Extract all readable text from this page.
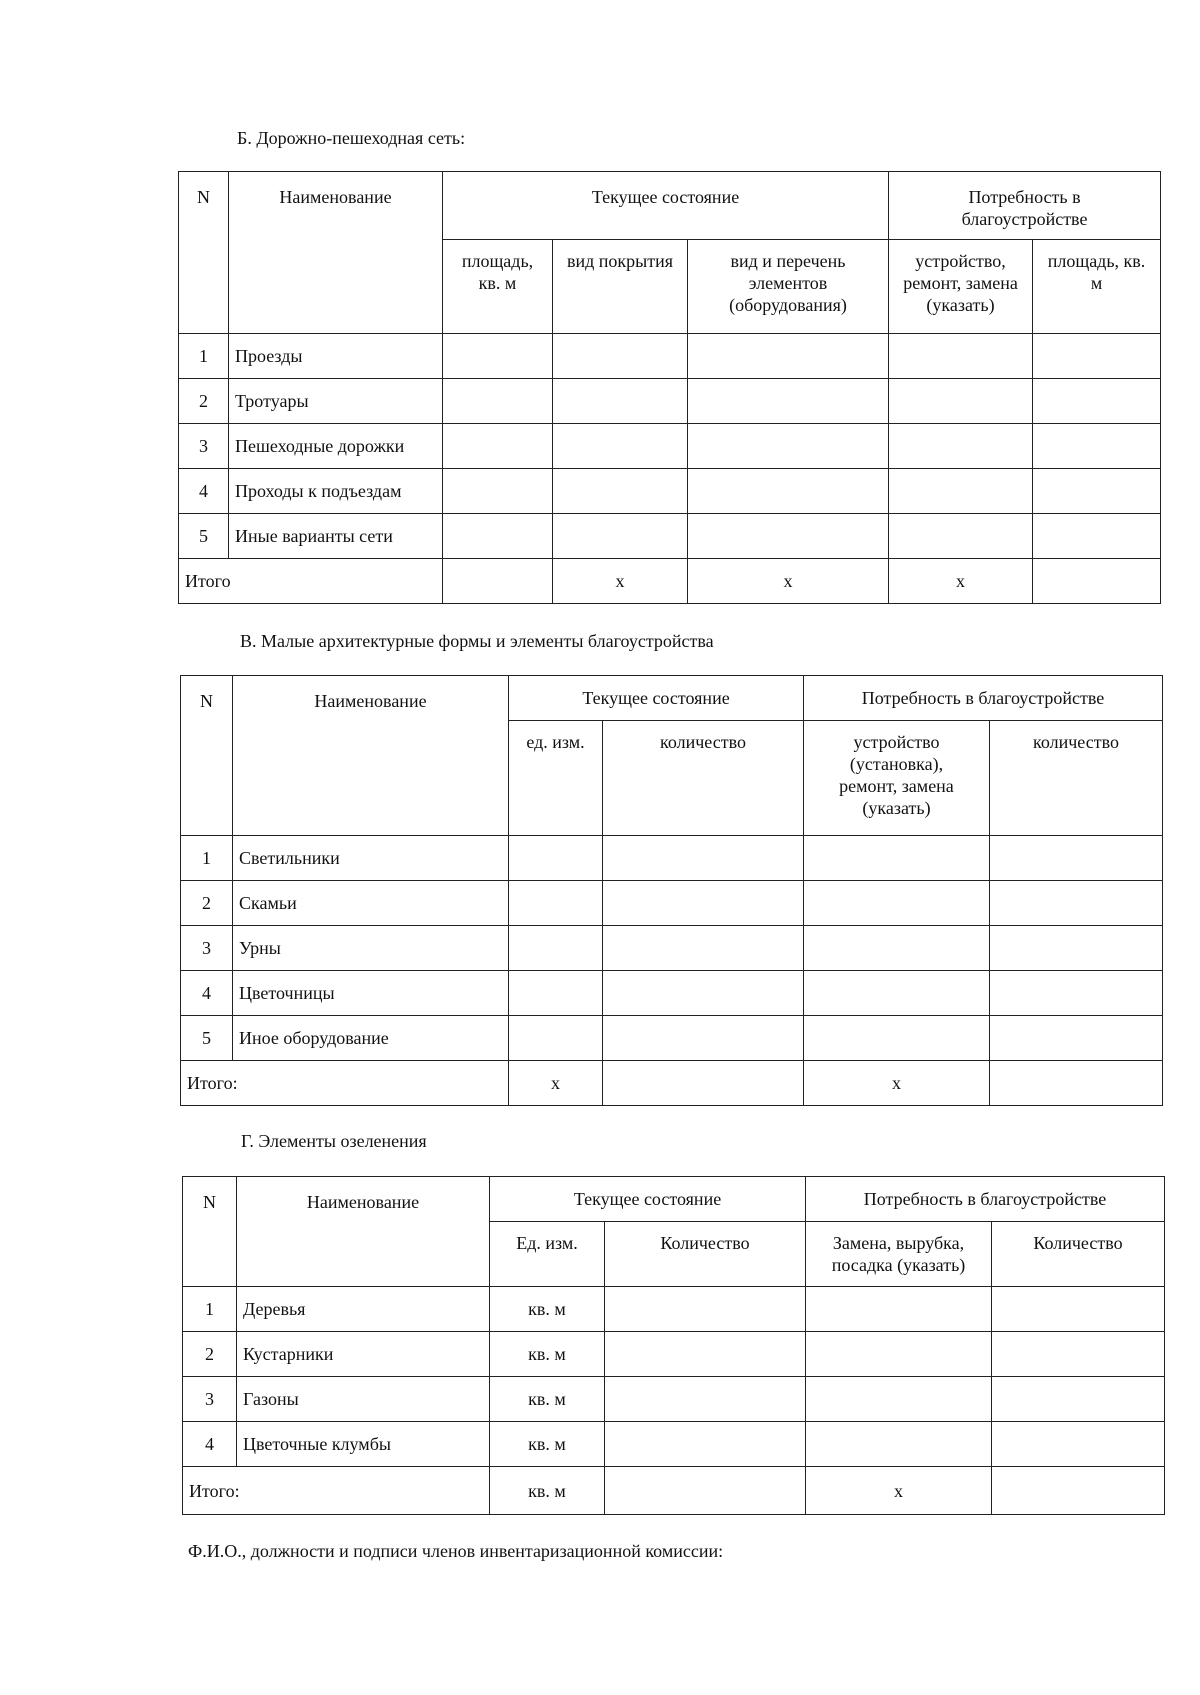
Б. Дорожно-пешеходная сеть:
N	Наименование	Текущее состояние			Потребность в благоустройстве	
		площадь, кв. м	вид покрытия	вид и перечень элементов (оборудования)	устройство, ремонт, замена (указать)	площадь, кв. м
1	Проезды					
2	Тротуары					
3	Пешеходные дорожки					
4	Проходы к подъездам					
5	Иные варианты сети					
Итого			x	x	x	
В. Малые архитектурные формы и элементы благоустройства
N	Наименование	Текущее состояние		Потребность в благоустройстве	
		ед. изм.	количество	устройство (установка), ремонт, замена (указать)	количество
1	Светильники				
2	Скамьи				
3	Урны				
4	Цветочницы				
5	Иное оборудование				
Итого:		x		x	
Г. Элементы озеленения
N	Наименование	Текущее состояние		Потребность в благоустройстве	
		Ед. изм.	Количество	Замена, вырубка, посадка (указать)	Количество
1	Деревья	кв. м			
2	Кустарники	кв. м			
3	Газоны	кв. м			
4	Цветочные клумбы	кв. м			
Итого:		кв. м		x	
Ф.И.О., должности и подписи членов инвентаризационной комиссии:
